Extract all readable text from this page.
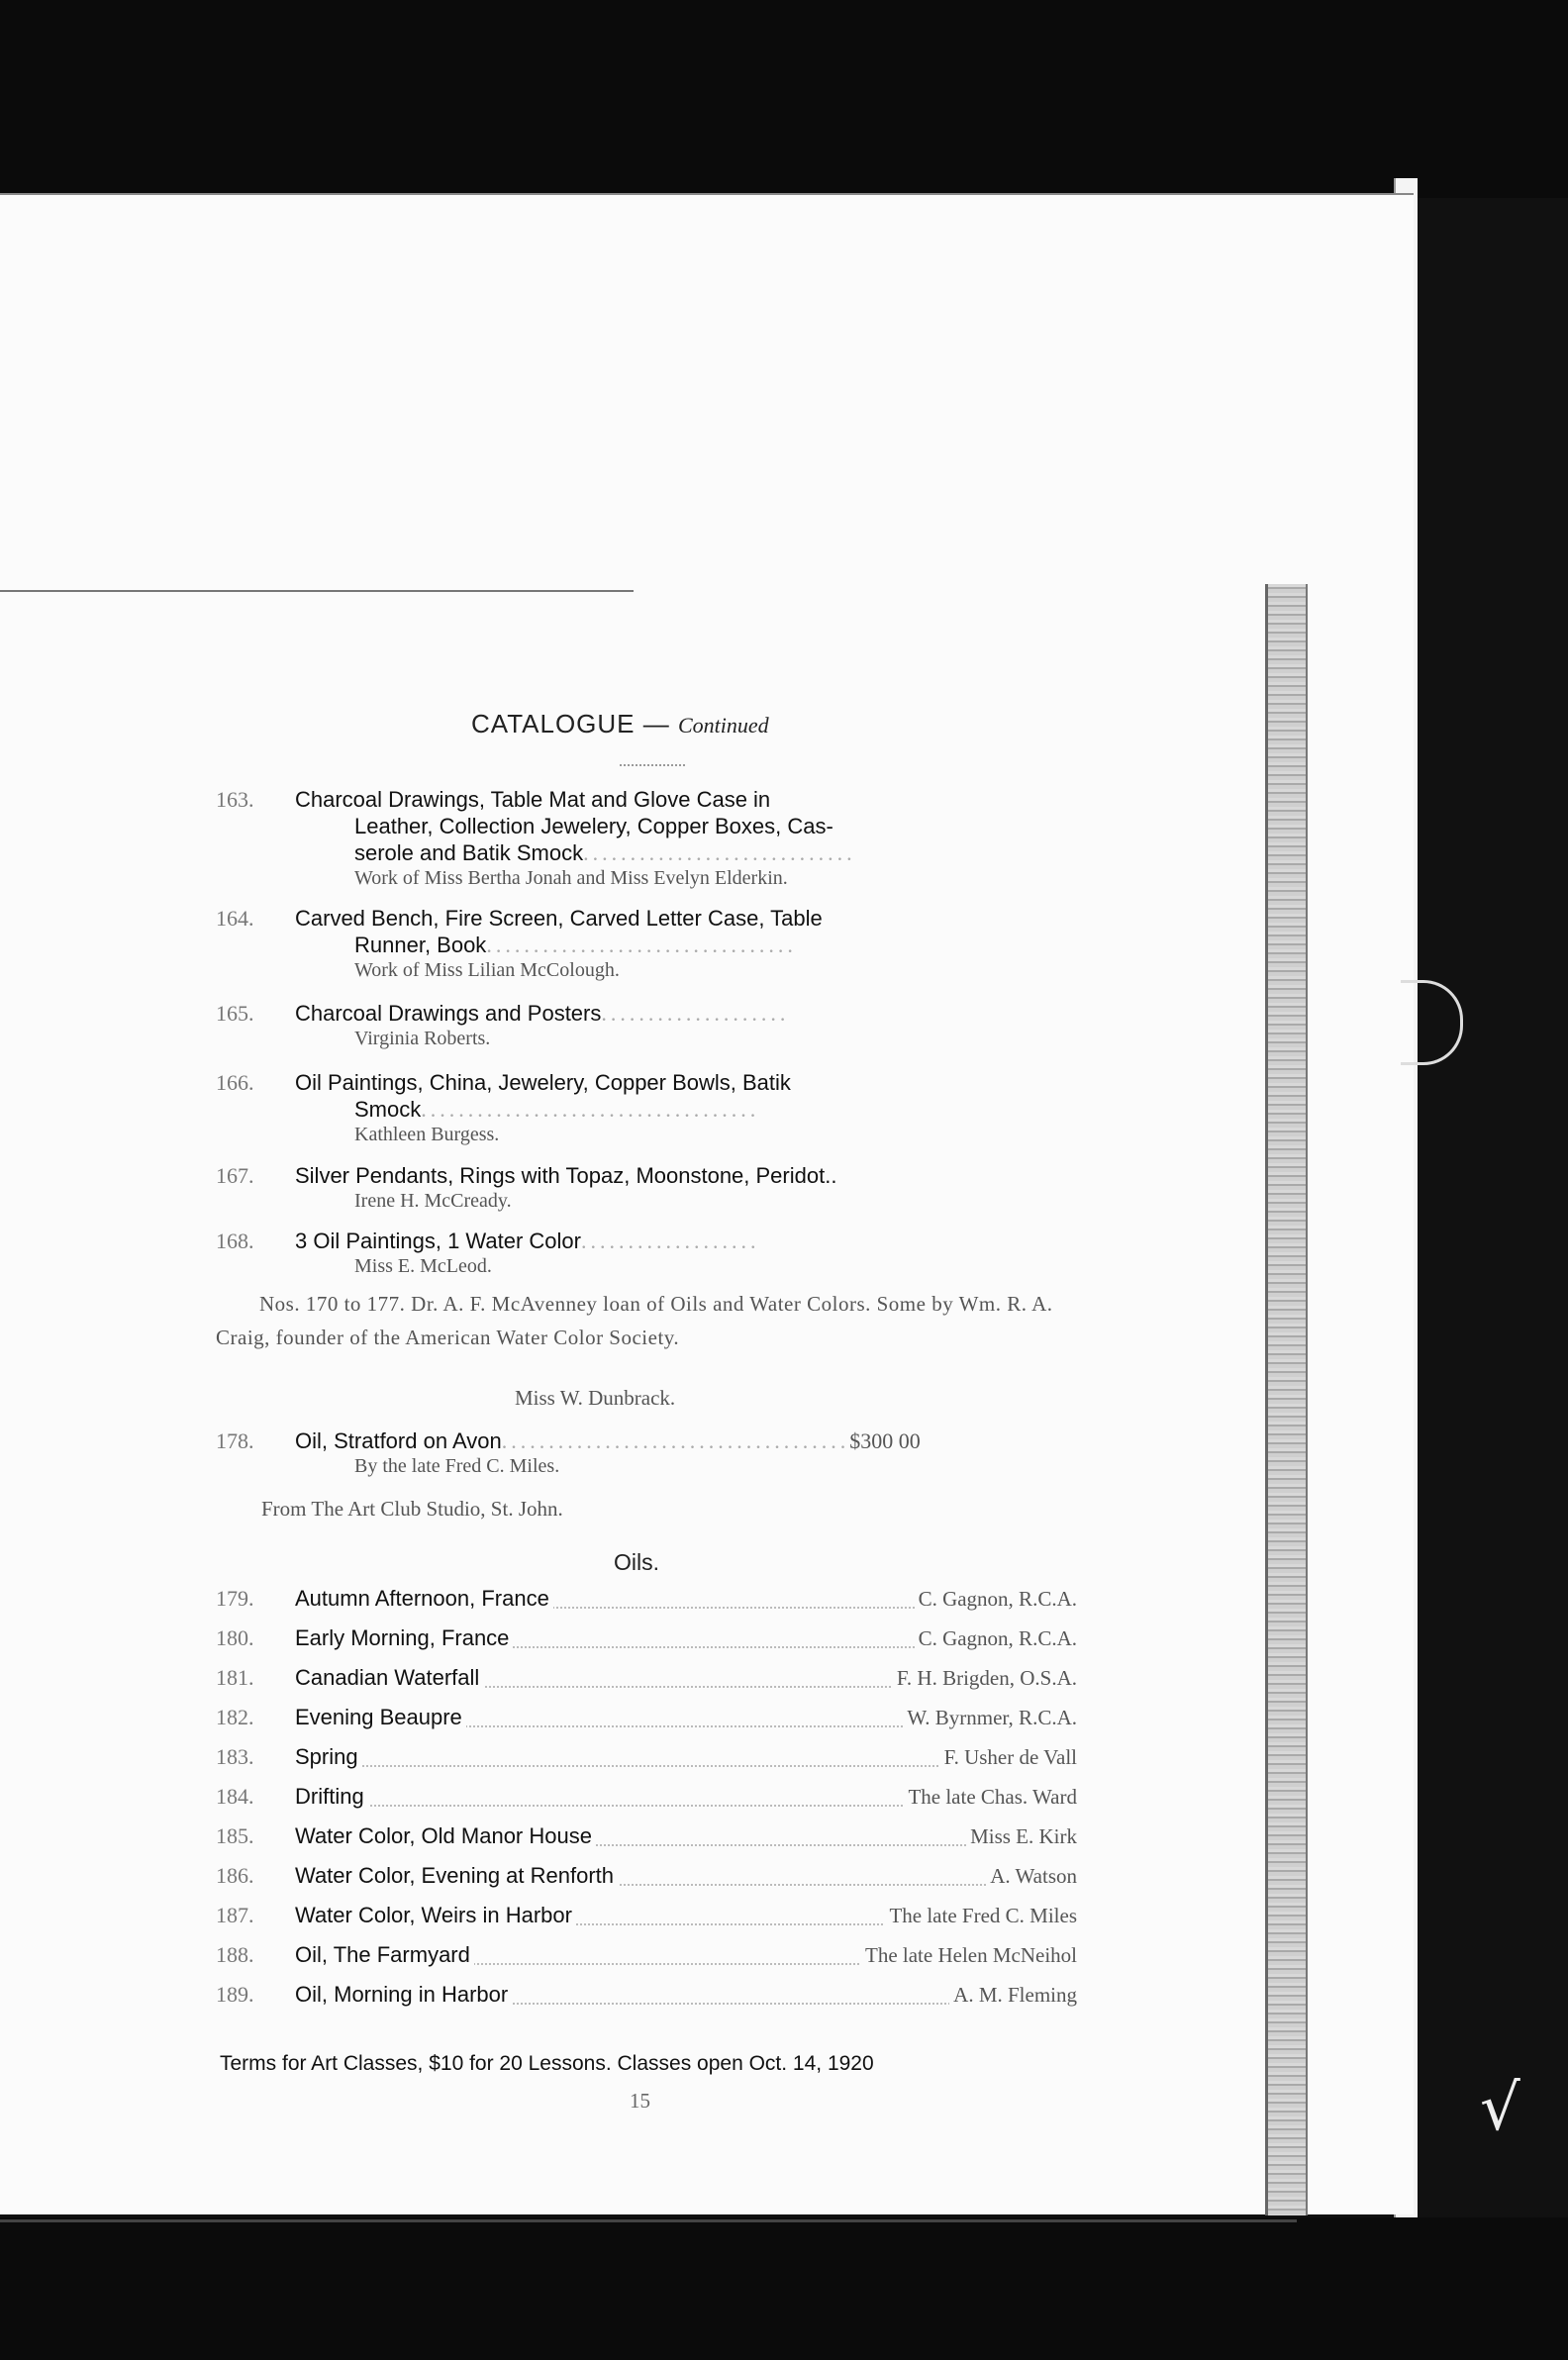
√
CATALOGUE — Continued
163.	Charcoal Drawings, Table Mat and Glove Case in
Leather, Collection Jewelery, Copper Boxes, Cas-
serole and Batik Smock.............................
Work of Miss Bertha Jonah and Miss Evelyn Elderkin.
164.	Carved Bench, Fire Screen, Carved Letter Case, Table
Runner, Book.................................
Work of Miss Lilian McColough.
165.	Charcoal Drawings and Posters....................
Virginia Roberts.
166.	Oil Paintings, China, Jewelery, Copper Bowls, Batik
Smock....................................
Kathleen Burgess.
167.	Silver Pendants, Rings with Topaz, Moonstone, Peridot..
Irene H. McCready.
168.	3 Oil Paintings, 1 Water Color...................
Miss E. McLeod.
Nos. 170 to 177. Dr. A. F. McAvenney loan of Oils and Water Colors. Some by Wm. R. A. Craig, founder of the American Water Color Society.
Miss W. Dunbrack.
178.	Oil, Stratford on Avon.....................................$300 00
By the late Fred C. Miles.
From The Art Club Studio, St. John.
Oils.
179.	Autumn Afternoon, France	C. Gagnon, R.C.A.
180.	Early Morning, France	C. Gagnon, R.C.A.
181.	Canadian Waterfall	F. H. Brigden, O.S.A.
182.	Evening Beaupre	W. Byrnmer, R.C.A.
183.	Spring	F. Usher de Vall
184.	Drifting	The late Chas. Ward
185.	Water Color, Old Manor House	Miss E. Kirk
186.	Water Color, Evening at Renforth	A. Watson
187.	Water Color, Weirs in Harbor	The late Fred C. Miles
188.	Oil, The Farmyard	The late Helen McNeihol
189.	Oil, Morning in Harbor	A. M. Fleming
Terms for Art Classes, $10 for 20 Lessons. Classes open Oct. 14, 1920
15
